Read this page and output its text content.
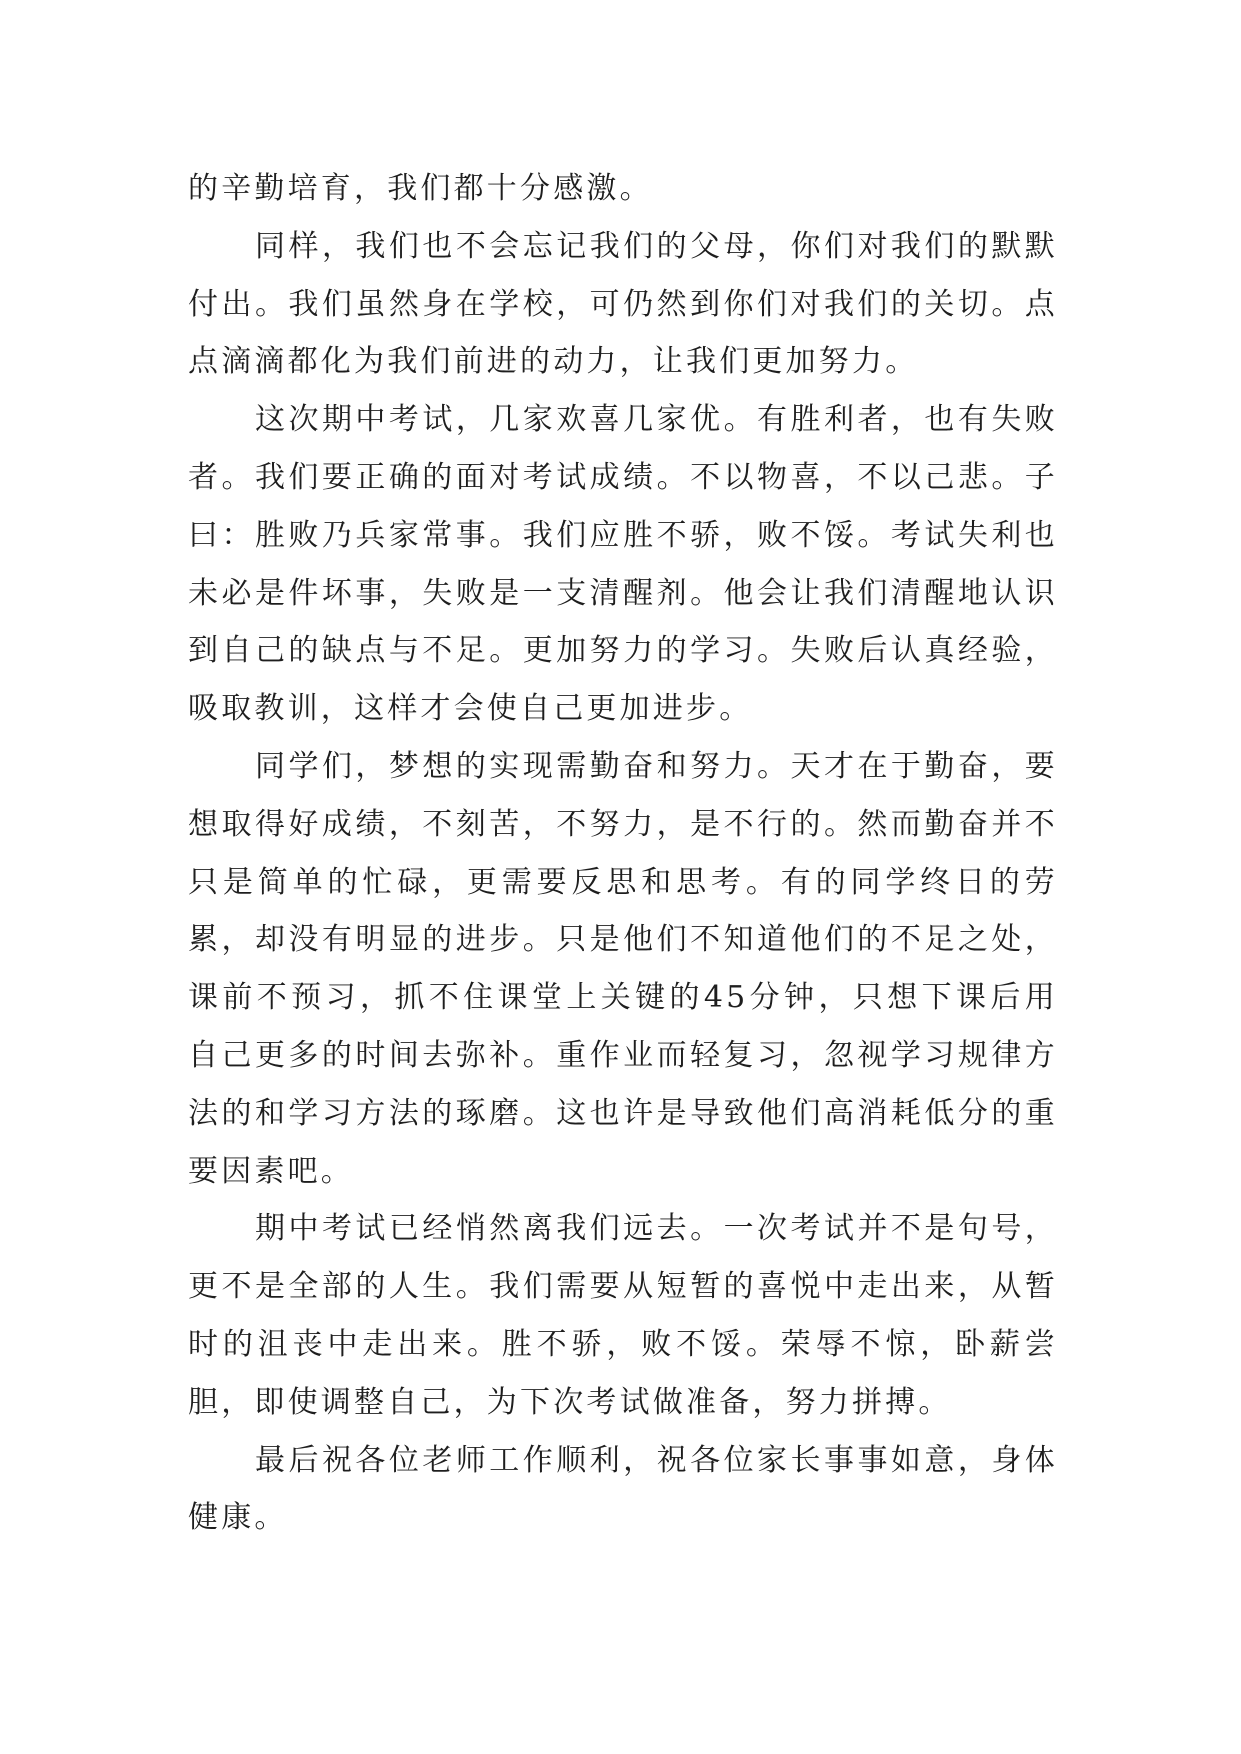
的辛勤培育，我们都十分感激。

同样，我们也不会忘记我们的父母，你们对我们的默默付出。我们虽然身在学校，可仍然到你们对我们的关切。点点滴滴都化为我们前进的动力，让我们更加努力。

这次期中考试，几家欢喜几家优。有胜利者，也有失败者。我们要正确的面对考试成绩。不以物喜，不以己悲。子曰：胜败乃兵家常事。我们应胜不骄，败不馁。考试失利也未必是件坏事，失败是一支清醒剂。他会让我们清醒地认识到自己的缺点与不足。更加努力的学习。失败后认真经验，吸取教训，这样才会使自己更加进步。

同学们，梦想的实现需勤奋和努力。天才在于勤奋，要想取得好成绩，不刻苦，不努力，是不行的。然而勤奋并不只是简单的忙碌，更需要反思和思考。有的同学终日的劳累，却没有明显的进步。只是他们不知道他们的不足之处，课前不预习，抓不住课堂上关键的45分钟，只想下课后用自己更多的时间去弥补。重作业而轻复习，忽视学习规律方法的和学习方法的琢磨。这也许是导致他们高消耗低分的重要因素吧。

期中考试已经悄然离我们远去。一次考试并不是句号，更不是全部的人生。我们需要从短暂的喜悦中走出来，从暂时的沮丧中走出来。胜不骄，败不馁。荣辱不惊，卧薪尝胆，即使调整自己，为下次考试做准备，努力拼搏。

最后祝各位老师工作顺利，祝各位家长事事如意，身体健康。
